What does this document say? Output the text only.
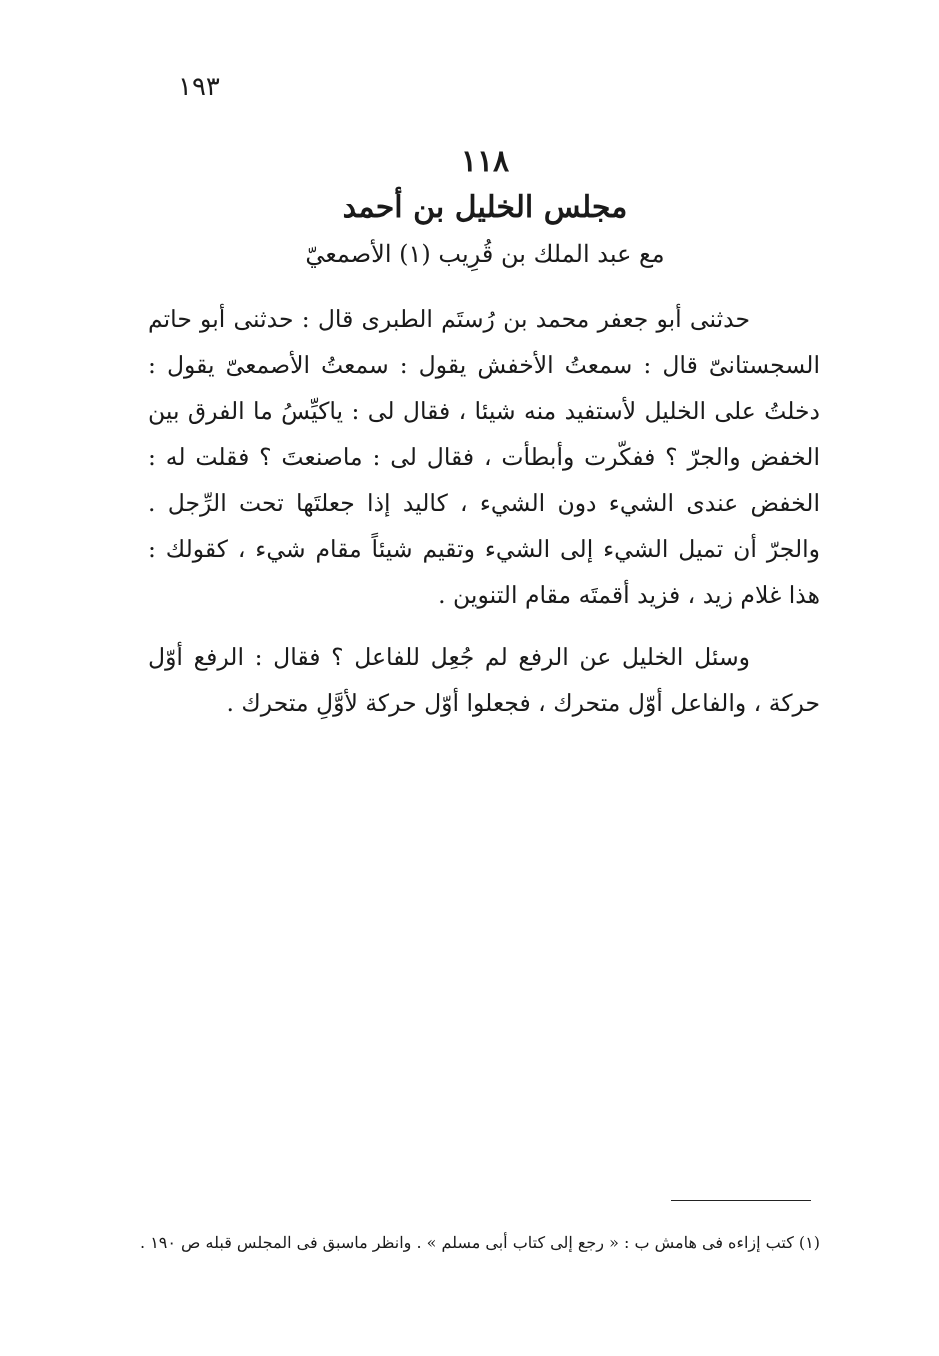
١٩٣
١١٨
مجلس الخليل بن أحمد
مع عبد الملك بن قُرِيب (١) الأصمعيّ

حدثنى أبو جعفر محمد بن رُستَم الطبرى قال : حدثنى أبو حاتم السجستانىّ قال : سمعتُ الأخفش يقول : سمعتُ الأصمعىّ يقول : دخلتُ على الخليل لأستفيد منه شيئا ، فقال لى : ياكيِّسُ ما الفرق بين الخفض والجرّ ؟ ففكّرت وأبطأت ، فقال لى : ماصنعتَ ؟ فقلت له : الخفض عندى الشيء دون الشيء ، كاليد إذا جعلتَها تحت الرِّجل . والجرّ أن تميل الشيء إلى الشيء وتقيم شيئاً مقام شيء ، كقولك : هذا غلام زيد ، فزيد أقمتَه مقام التنوين .

وسئل الخليل عن الرفع لم جُعِل للفاعل ؟ فقال : الرفع أوّل حركة ، والفاعل أوّل متحرك ، فجعلوا أوّل حركة لأوَّلِ متحرك .

(١) كتب إزاءه فى هامش ب : « رجع إلى كتاب أبى مسلم » . وانظر ماسبق فى المجلس قبله ص ١٩٠ .
